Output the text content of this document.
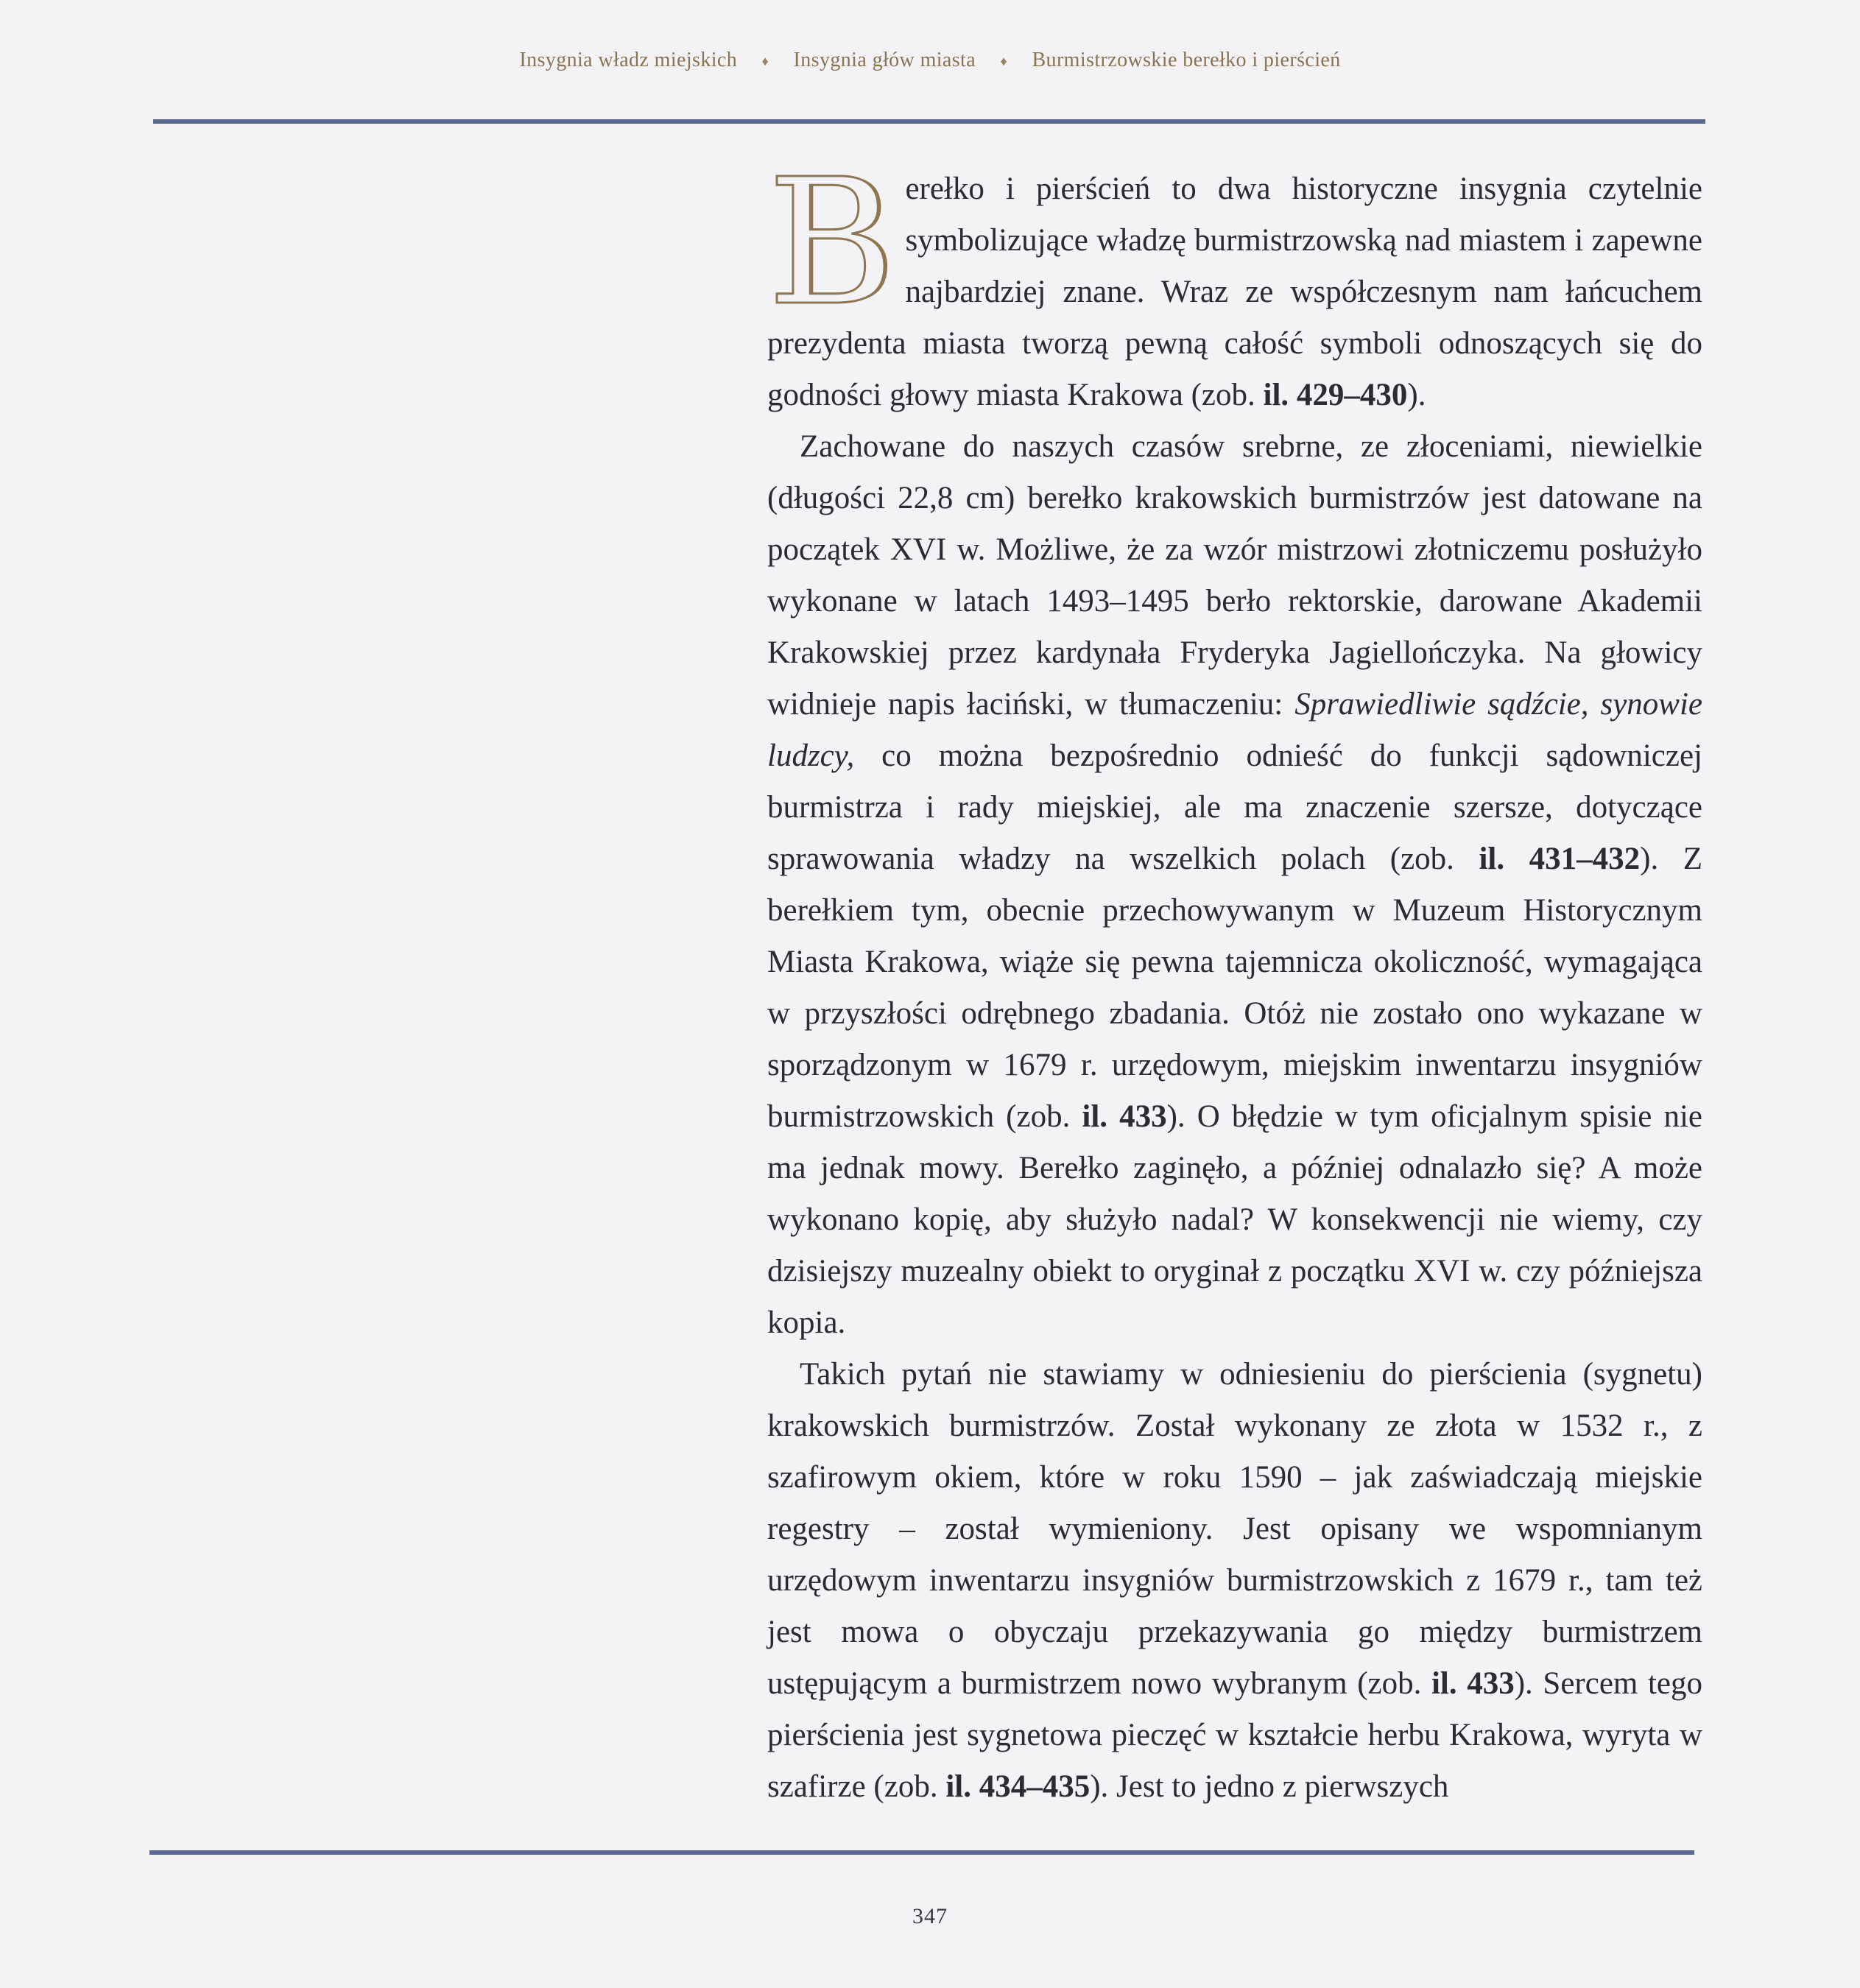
Insygnia władz miejskich ♦ Insygnia głów miasta ♦ Burmistrzowskie berełko i pierścień

Berełko i pierścień to dwa historyczne insygnia czytelnie symbolizujące władzę burmistrzowską nad miastem i zapewne najbardziej znane. Wraz ze współczesnym nam łańcuchem prezydenta miasta tworzą pewną całość symboli odnoszących się do godności głowy miasta Krakowa (zob. il. 429–430).

Zachowane do naszych czasów srebrne, ze złoceniami, niewielkie (długości 22,8 cm) berełko krakowskich burmistrzów jest datowane na początek XVI w. Możliwe, że za wzór mistrzowi złotniczemu posłużyło wykonane w latach 1493–1495 berło rektorskie, darowane Akademii Krakowskiej przez kardynała Fryderyka Jagiellończyka. Na głowicy widnieje napis łaciński, w tłumaczeniu: Sprawiedliwie sądźcie, synowie ludzcy, co można bezpośrednio odnieść do funkcji sądowniczej burmistrza i rady miejskiej, ale ma znaczenie szersze, dotyczące sprawowania władzy na wszelkich polach (zob. il. 431–432). Z berełkiem tym, obecnie przechowywanym w Muzeum Historycznym Miasta Krakowa, wiąże się pewna tajemnicza okoliczność, wymagająca w przyszłości odrębnego zbadania. Otóż nie zostało ono wykazane w sporządzonym w 1679 r. urzędowym, miejskim inwentarzu insygniów burmistrzowskich (zob. il. 433). O błędzie w tym oficjalnym spisie nie ma jednak mowy. Berełko zaginęło, a później odnalazło się? A może wykonano kopię, aby służyło nadal? W konsekwencji nie wiemy, czy dzisiejszy muzealny obiekt to oryginał z początku XVI w. czy późniejsza kopia.

Takich pytań nie stawiamy w odniesieniu do pierścienia (sygnetu) krakowskich burmistrzów. Został wykonany ze złota w 1532 r., z szafirowym okiem, które w roku 1590 – jak zaświadczają miejskie regestry – został wymieniony. Jest opisany we wspomnianym urzędowym inwentarzu insygniów burmistrzowskich z 1679 r., tam też jest mowa o obyczaju przekazywania go między burmistrzem ustępującym a burmistrzem nowo wybranym (zob. il. 433). Sercem tego pierścienia jest sygnetowa pieczęć w kształcie herbu Krakowa, wyryta w szafirze (zob. il. 434–435). Jest to jedno z pierwszych

347
